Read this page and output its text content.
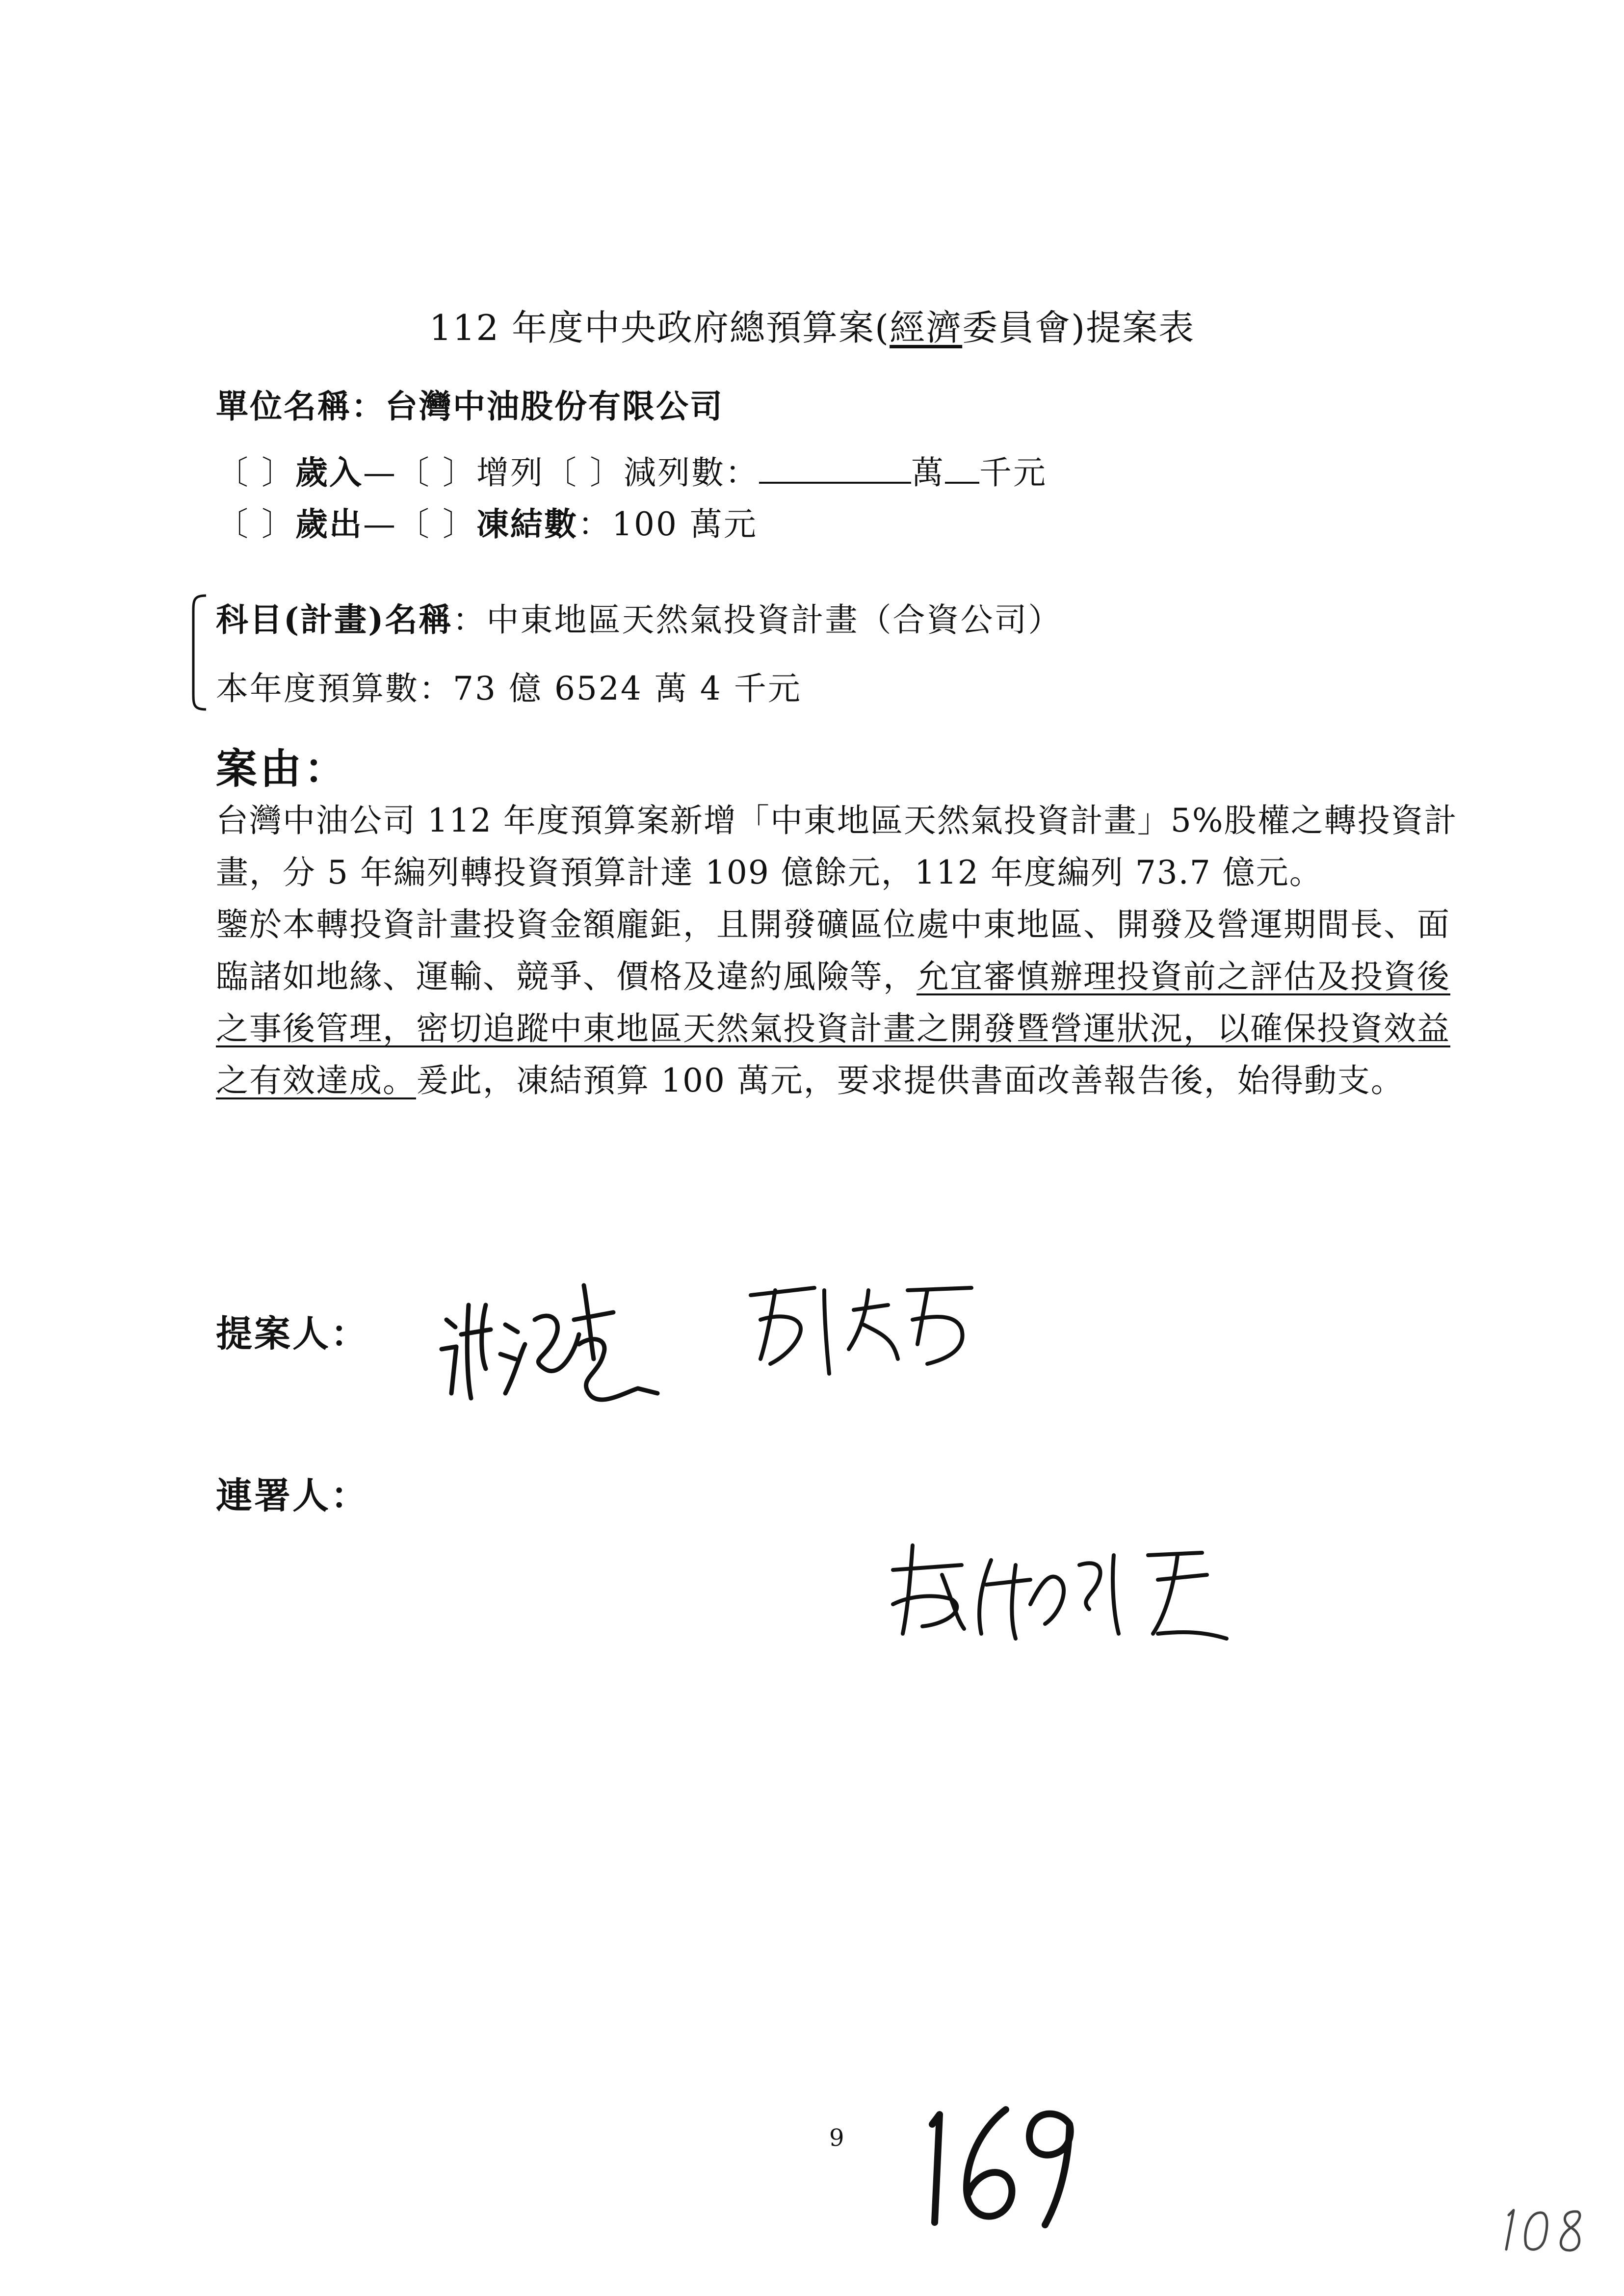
112 年度中央政府總預算案(經濟委員會)提案表
單位名稱：台灣中油股份有限公司
〔 〕歲入—〔 〕增列〔 〕減列數：	萬 千元
〔 〕歲出—〔 〕凍結數：100 萬元
科目(計畫)名稱：中東地區天然氣投資計畫（合資公司）
本年度預算數：73 億 6524 萬 4 千元
案由：

台灣中油公司 112 年度預算案新增「中東地區天然氣投資計畫」5%股權之轉投資計畫，分 5 年編列轉投資預算計達 109 億餘元，112 年度編列 73.7 億元。

鑒於本轉投資計畫投資金額龐鉅，且開發礦區位處中東地區、開發及營運期間長、面臨諸如地緣、運輸、競爭、價格及違約風險等，允宜審慎辦理投資前之評估及投資後之事後管理，密切追蹤中東地區天然氣投資計畫之開發暨營運狀況，以確保投資效益之有效達成。爰此，凍結預算 100 萬元，要求提供書面改善報告後，始得動支。

提案人：
連署人：
9
